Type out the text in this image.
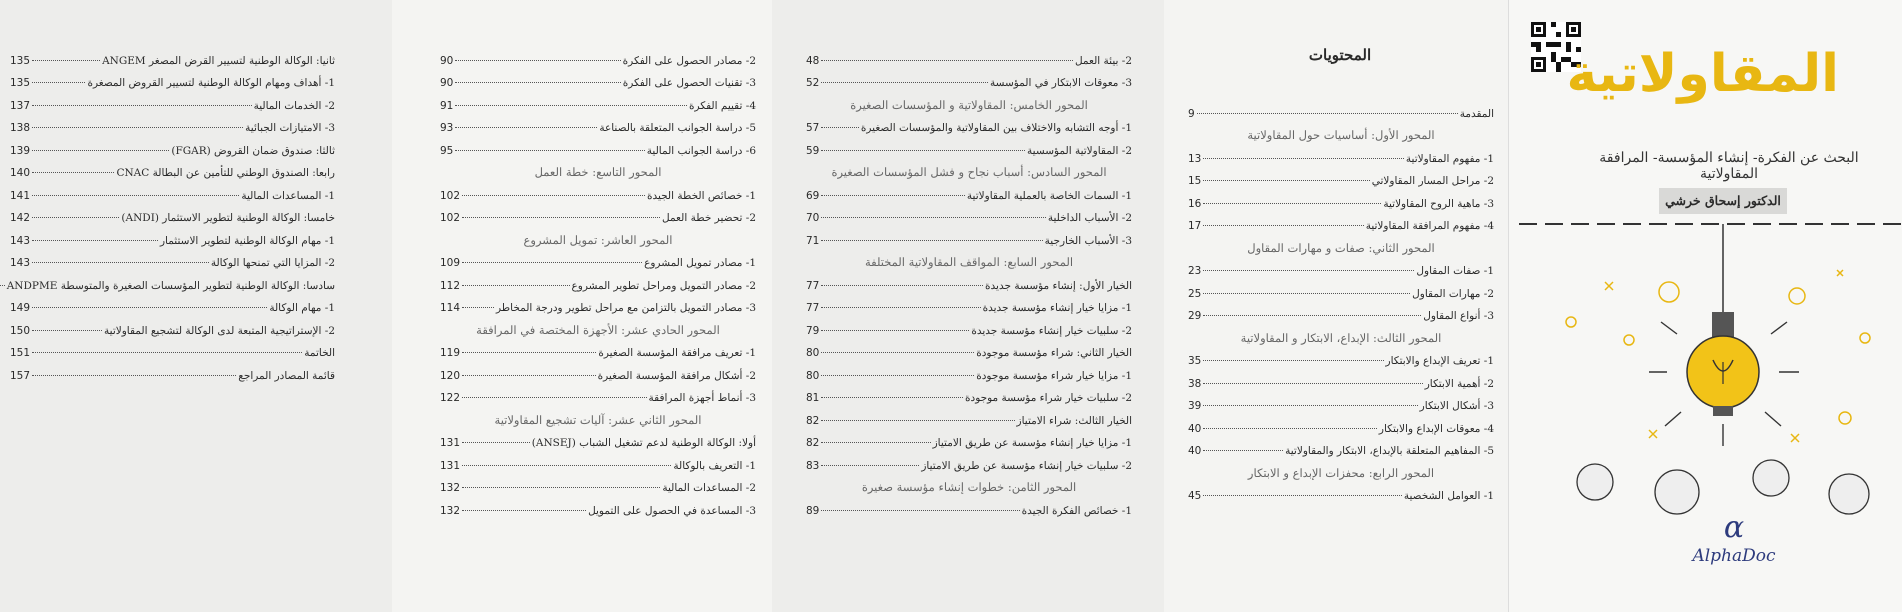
ثانيا: الوكالة الوطنية لتسيير القرض المصغر ANGEM
135
1- أهداف ومهام الوكالة الوطنية لتسيير القروض المصغرة
135
2- الخدمات المالية
137
3- الامتيازات الجبائية
138
ثالثا: صندوق ضمان القروض (FGAR)
139
رابعا: الصندوق الوطني للتأمين عن البطالة CNAC
140
1- المساعدات المالية
141
خامسا: الوكالة الوطنية لتطوير الاستثمار (ANDI)
142
1- مهام الوكالة الوطنية لتطوير الاستثمار
143
2- المزايا التي تمنحها الوكالة
143
سادسا: الوكالة الوطنية لتطوير المؤسسات الصغيرة والمتوسطة ANDPME
1- مهام الوكالة
149
2- الإستراتيجية المتبعة لدى الوكالة لتشجيع المقاولاتية
150
الخاتمة
151
قائمة المصادر المراجع
157
2- مصادر الحصول على الفكرة
90
3- تقنيات الحصول على الفكرة
90
4- تقييم الفكرة
91
5- دراسة الجوانب المتعلقة بالصناعة
93
6- دراسة الجوانب المالية
95
المحور التاسع: خطة العمل
1- خصائص الخطة الجيدة
102
2- تحضير خطة العمل
102
المحور العاشر: تمويل المشروع
1- مصادر تمويل المشروع
109
2- مصادر التمويل ومراحل تطوير المشروع
112
3- مصادر التمويل بالتزامن مع مراحل تطوير ودرجة المخاطر
114
المحور الحادي عشر: الأجهزة المختصة في المرافقة
1- تعريف مرافقة المؤسسة الصغيرة
119
2- أشكال مرافقة المؤسسة الصغيرة
120
3- أنماط أجهزة المرافقة
122
المحور الثاني عشر: آليات تشجيع المقاولاتية
أولا: الوكالة الوطنية لدعم تشغيل الشباب (ANSEJ)
131
1- التعريف بالوكالة
131
2- المساعدات المالية
132
3- المساعدة في الحصول على التمويل
132
2- بيئة العمل
48
3- معوقات الابتكار في المؤسسة
52
المحور الخامس: المقاولاتية و المؤسسات الصغيرة
1- أوجه التشابه والاختلاف بين المقاولاتية والمؤسسات الصغيرة
57
2- المقاولاتية المؤسسية
59
المحور السادس: أسباب نجاح و فشل المؤسسات الصغيرة
1- السمات الخاصة بالعملية المقاولاتية
69
2- الأسباب الداخلية
70
3- الأسباب الخارجية
71
المحور السابع: المواقف المقاولاتية المختلفة
الخيار الأول: إنشاء مؤسسة جديدة
77
1- مزايا خيار إنشاء مؤسسة جديدة
77
2- سلبيات خيار إنشاء مؤسسة جديدة
79
الخيار الثاني: شراء مؤسسة موجودة
80
1- مزايا خيار شراء مؤسسة موجودة
80
2- سلبيات خيار شراء مؤسسة موجودة
81
الخيار الثالث: شراء الامتياز
82
1- مزايا خيار إنشاء مؤسسة عن طريق الامتياز
82
2- سلبيات خيار إنشاء مؤسسة عن طريق الامتياز
83
المحور الثامن: خطوات إنشاء مؤسسة صغيرة
1- خصائص الفكرة الجيدة
89
المقدمة
9
المحور الأول: أساسيات حول المقاولاتية
1- مفهوم المقاولاتية
13
2- مراحل المسار المقاولاتي
15
3- ماهية الروح المقاولاتية
16
4- مفهوم المرافقة المقاولاتية
17
المحور الثاني: صفات و مهارات المقاول
1- صفات المقاول
23
2- مهارات المقاول
25
3- أنواع المقاول
29
المحور الثالث: الإبداع، الابتكار و المقاولاتية
1- تعريف الإبداع والابتكار
35
2- أهمية الابتكار
38
3- أشكال الابتكار
39
4- معوقات الإبداع والابتكار
40
5- المفاهيم المتعلقة بالإبداع، الابتكار والمقاولاتية
40
المحور الرابع: محفزات الإبداع و الابتكار
1- العوامل الشخصية
45
المحتويات	المقاولاتية
البحث عن الفكرة- إنشاء المؤسسة- المرافقة المقاولاتية
الدكتور إسحاق خرشي
α
AlphaDoc
